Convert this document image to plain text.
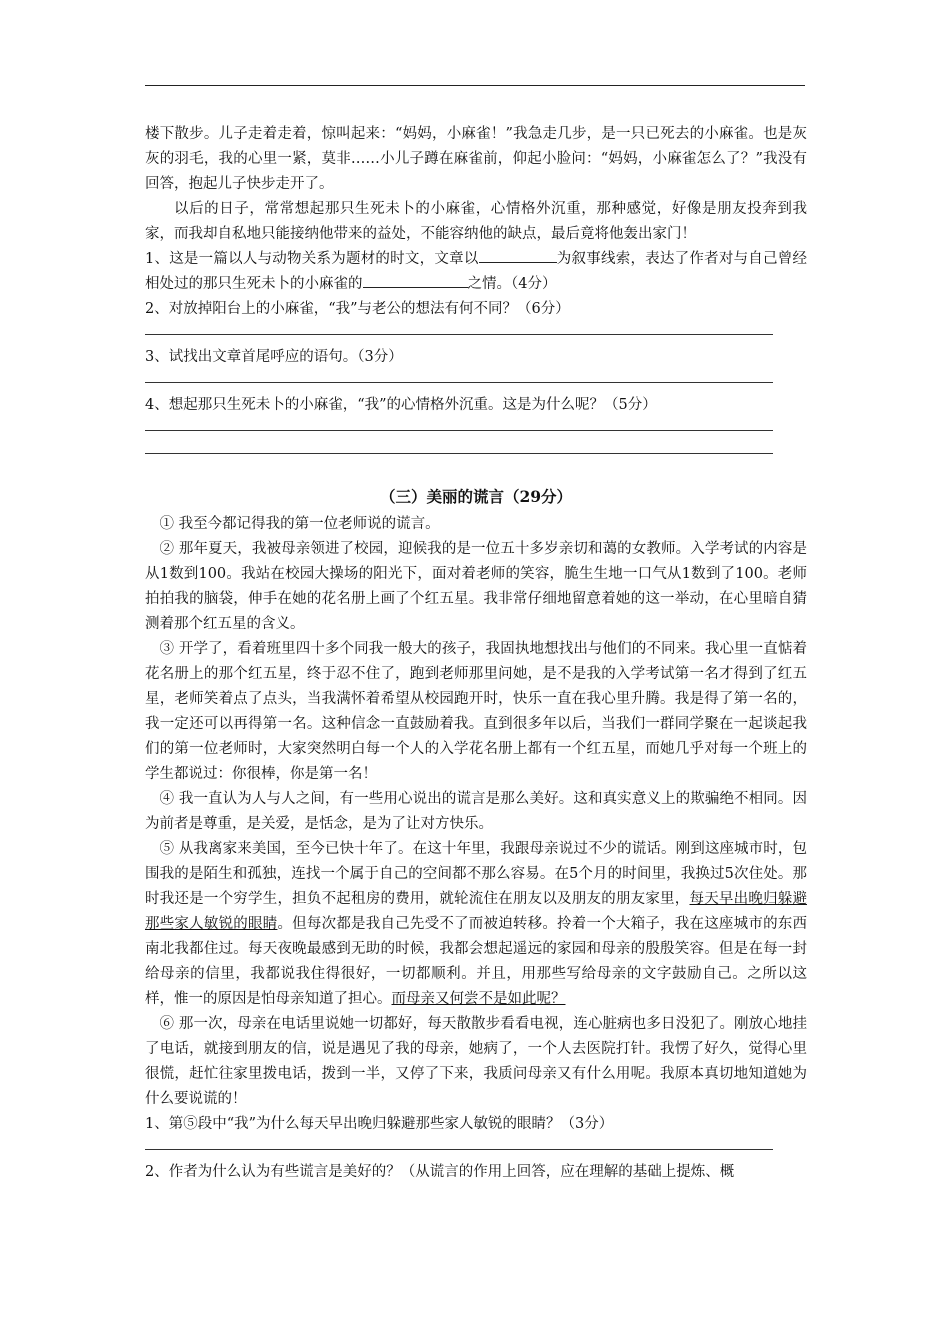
楼下散步。儿子走着走着，惊叫起来：“妈妈，小麻雀！”我急走几步，是一只已死去的小麻雀。也是灰灰的羽毛，我的心里一紧，莫非……小儿子蹲在麻雀前，仰起小脸问：“妈妈，小麻雀怎么了？”我没有回答，抱起儿子快步走开了。

以后的日子，常常想起那只生死未卜的小麻雀，心情格外沉重，那种感觉，好像是朋友投奔到我家，而我却自私地只能接纳他带来的益处，不能容纳他的缺点，最后竟将他轰出家门！

1、这是一篇以人与动物关系为题材的时文，文章以	为叙事线索，表达了作者对与自己曾经相处过的那只生死未卜的小麻雀的	之情。（4分）

2、对放掉阳台上的小麻雀，“我”与老公的想法有何不同？（6分）

3、试找出文章首尾呼应的语句。（3分）

4、想起那只生死未卜的小麻雀，“我”的心情格外沉重。这是为什么呢？（5分）

（三）美丽的谎言（29分）

① 我至今都记得我的第一位老师说的谎言。

② 那年夏天，我被母亲领进了校园，迎候我的是一位五十多岁亲切和蔼的女教师。入学考试的内容是从1数到100。我站在校园大操场的阳光下，面对着老师的笑容，脆生生地一口气从1数到了100。老师拍拍我的脑袋，伸手在她的花名册上画了个红五星。我非常仔细地留意着她的这一举动，在心里暗自猜测着那个红五星的含义。

③ 开学了，看着班里四十多个同我一般大的孩子，我固执地想找出与他们的不同来。我心里一直惦着花名册上的那个红五星，终于忍不住了，跑到老师那里问她，是不是我的入学考试第一名才得到了红五星，老师笑着点了点头，当我满怀着希望从校园跑开时，快乐一直在我心里升腾。我是得了第一名的，我一定还可以再得第一名。这种信念一直鼓励着我。直到很多年以后，当我们一群同学聚在一起谈起我们的第一位老师时，大家突然明白每一个人的入学花名册上都有一个红五星，而她几乎对每一个班上的学生都说过：你很棒，你是第一名！

④ 我一直认为人与人之间，有一些用心说出的谎言是那么美好。这和真实意义上的欺骗绝不相同。因为前者是尊重，是关爱，是恬念，是为了让对方快乐。

⑤ 从我离家来美国，至今已快十年了。在这十年里，我跟母亲说过不少的谎话。刚到这座城市时，包围我的是陌生和孤独，连找一个属于自己的空间都不那么容易。在5个月的时间里，我换过5次住处。那时我还是一个穷学生，担负不起租房的费用，就轮流住在朋友以及朋友的朋友家里，每天早出晚归躲避那些家人敏锐的眼睛。但每次都是我自己先受不了而被迫转移。拎着一个大箱子，我在这座城市的东西南北我都住过。每天夜晚最感到无助的时候，我都会想起遥远的家园和母亲的殷殷笑容。但是在每一封给母亲的信里，我都说我住得很好，一切都顺利。并且，用那些写给母亲的文字鼓励自己。之所以这样，惟一的原因是怕母亲知道了担心。而母亲又何尝不是如此呢？

⑥ 那一次，母亲在电话里说她一切都好，每天散散步看看电视，连心脏病也多日没犯了。刚放心地挂了电话，就接到朋友的信，说是遇见了我的母亲，她病了，一个人去医院打针。我愣了好久，觉得心里很慌，赶忙往家里拨电话，拨到一半，又停了下来，我质问母亲又有什么用呢。我原本真切地知道她为什么要说谎的！

1、第⑤段中“我”为什么每天早出晚归躲避那些家人敏锐的眼睛？（3分）

2、作者为什么认为有些谎言是美好的？（从谎言的作用上回答，应在理解的基础上提炼、概
